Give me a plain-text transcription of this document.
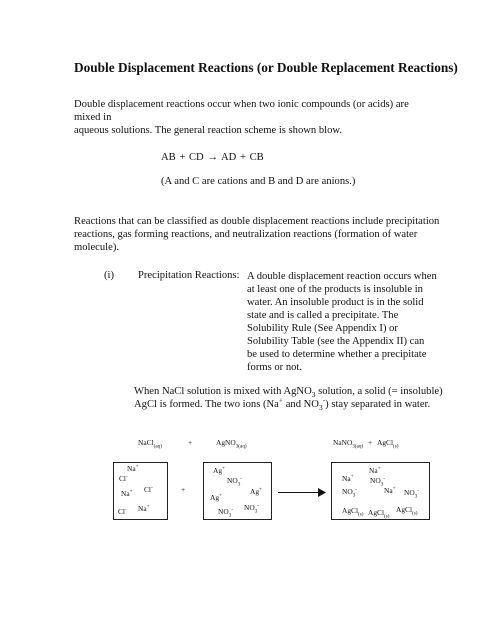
Double Displacement Reactions (or Double Replacement Reactions)
Double displacement reactions occur when two ionic compounds (or acids) are mixed in
aqueous solutions. The general reaction scheme is shown blow.
AB + CD → AD + CB
(A and C are cations and B and D are anions.)
Reactions that can be classified as double displacement reactions include precipitation
reactions, gas forming reactions, and neutralization reactions (formation of water
molecule).
(i) Precipitation Reactions: A double displacement reaction occurs when
at least one of the products is insoluble in
water. An insoluble product is in the solid
state and is called a precipitate. The
Solubility Rule (See Appendix I) or
Solubility Table (see the Appendix II) can
be used to determine whether a precipitate
forms or not.
When NaCl solution is mixed with AgNO$_3$ solution, a solid (= insoluble)
AgCl is formed. The two ions (Na+ and $NO_3^-$) stay separated in water.
NaCl$_{(aq)}$	+	AgNO$_{3(aq)}$	NaNO$_{3(aq)}$ + AgCl$_{(s)}$
Na+
Cl-
Cl-
Na+
Cl- Na+
+
Ag+
$NO_3^-$
Ag+
Ag+
$NO_3^-$ $NO_3^-$
Na+
Na+ $NO_3^-$
$NO_3^-$	Na+ $NO_3^-$
AgCl$_{(s)}$ AgCl$_{(s)}$
AgCl$_{(s)}$
